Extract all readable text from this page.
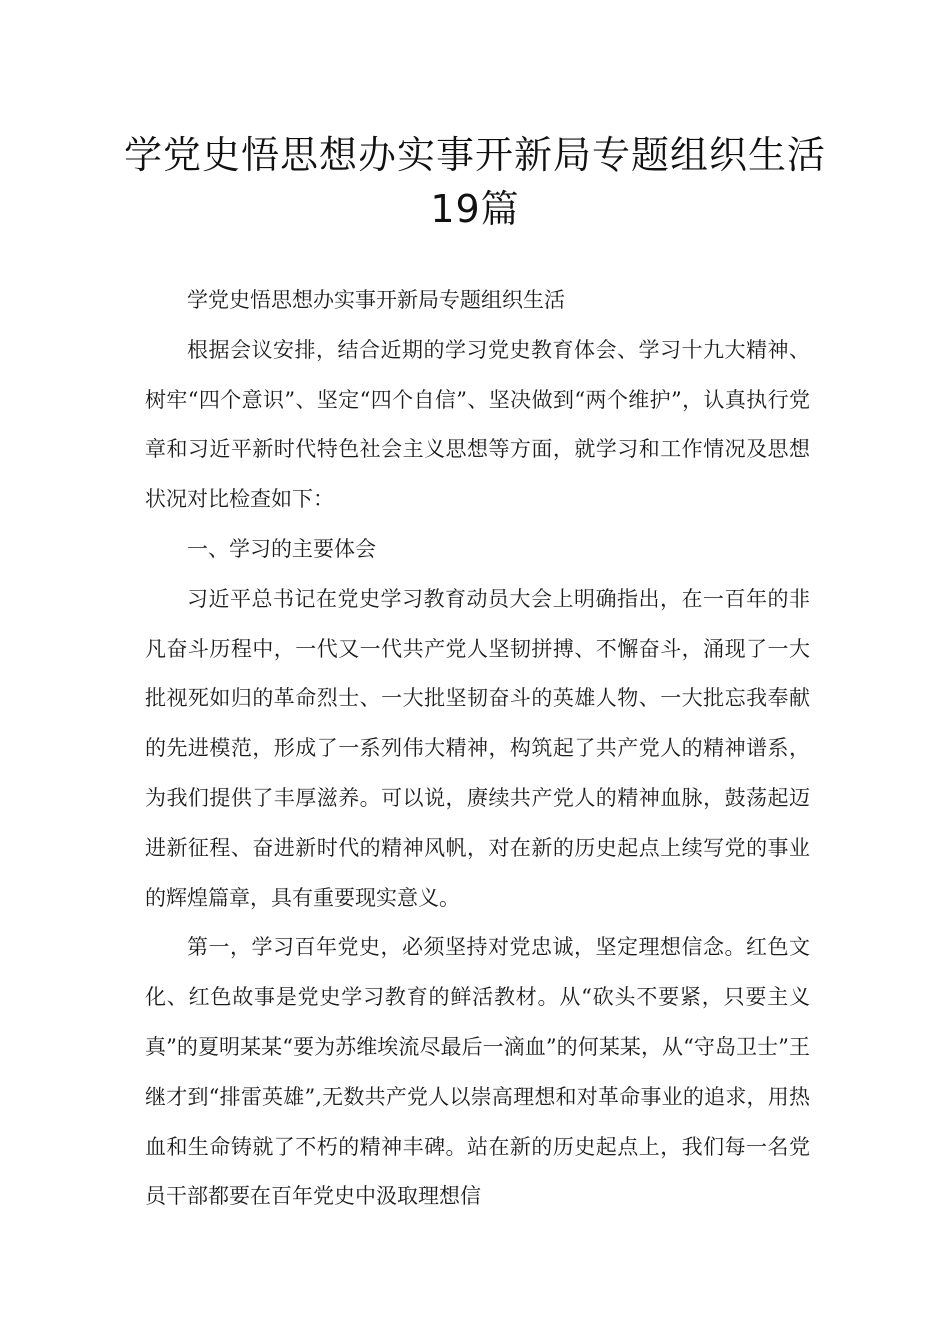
学党史悟思想办实事开新局专题组织生活19篇

学党史悟思想办实事开新局专题组织生活

根据会议安排，结合近期的学习党史教育体会、学习十九大精神、树牢“四个意识”、坚定“四个自信”、坚决做到“两个维护”，认真执行党章和习近平新时代特色社会主义思想等方面，就学习和工作情况及思想状况对比检查如下：

一、学习的主要体会

习近平总书记在党史学习教育动员大会上明确指出，在一百年的非凡奋斗历程中，一代又一代共产党人坚韧拼搏、不懈奋斗，涌现了一大批视死如归的革命烈士、一大批坚韧奋斗的英雄人物、一大批忘我奉献的先进模范，形成了一系列伟大精神，构筑起了共产党人的精神谱系，为我们提供了丰厚滋养。可以说，赓续共产党人的精神血脉，鼓荡起迈进新征程、奋进新时代的精神风帆，对在新的历史起点上续写党的事业的辉煌篇章，具有重要现实意义。

第一，学习百年党史，必须坚持对党忠诚，坚定理想信念。红色文化、红色故事是党史学习教育的鲜活教材。从“砍头不要紧，只要主义真”的夏明某某“要为苏维埃流尽最后一滴血”的何某某，从“守岛卫士”王继才到“排雷英雄”,无数共产党人以崇高理想和对革命事业的追求，用热血和生命铸就了不朽的精神丰碑。站在新的历史起点上，我们每一名党员干部都要在百年党史中汲取理想信
